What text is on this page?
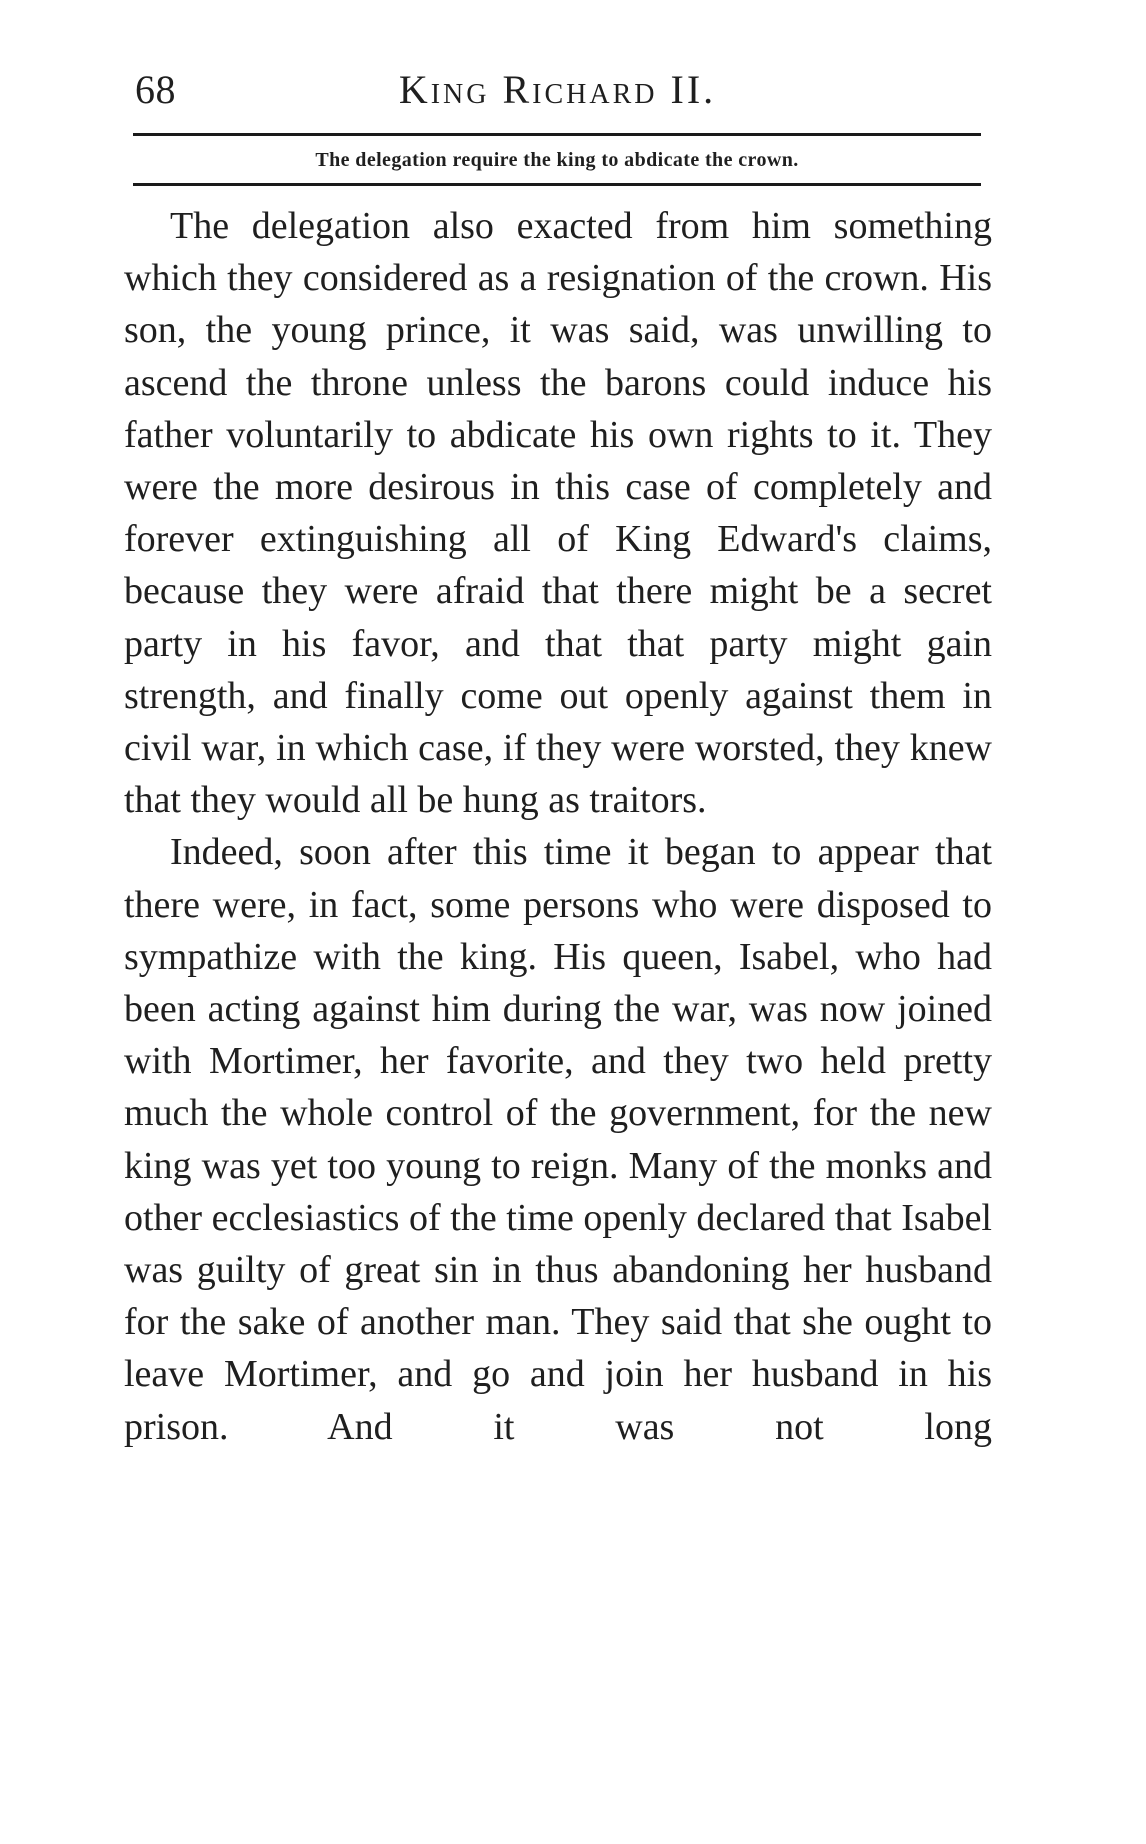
68	King Richard II.
The delegation require the king to abdicate the crown.

The delegation also exacted from him something which they considered as a resignation of the crown. His son, the young prince, it was said, was unwilling to ascend the throne unless the barons could induce his father voluntarily to abdicate his own rights to it. They were the more desirous in this case of completely and forever extinguishing all of King Edward's claims, because they were afraid that there might be a secret party in his favor, and that that party might gain strength, and finally come out openly against them in civil war, in which case, if they were worsted, they knew that they would all be hung as traitors.

Indeed, soon after this time it began to appear that there were, in fact, some persons who were disposed to sympathize with the king. His queen, Isabel, who had been acting against him during the war, was now joined with Mortimer, her favorite, and they two held pretty much the whole control of the government, for the new king was yet too young to reign. Many of the monks and other ecclesiastics of the time openly declared that Isabel was guilty of great sin in thus abandoning her husband for the sake of another man. They said that she ought to leave Mortimer, and go and join her husband in his prison. And it was not long
